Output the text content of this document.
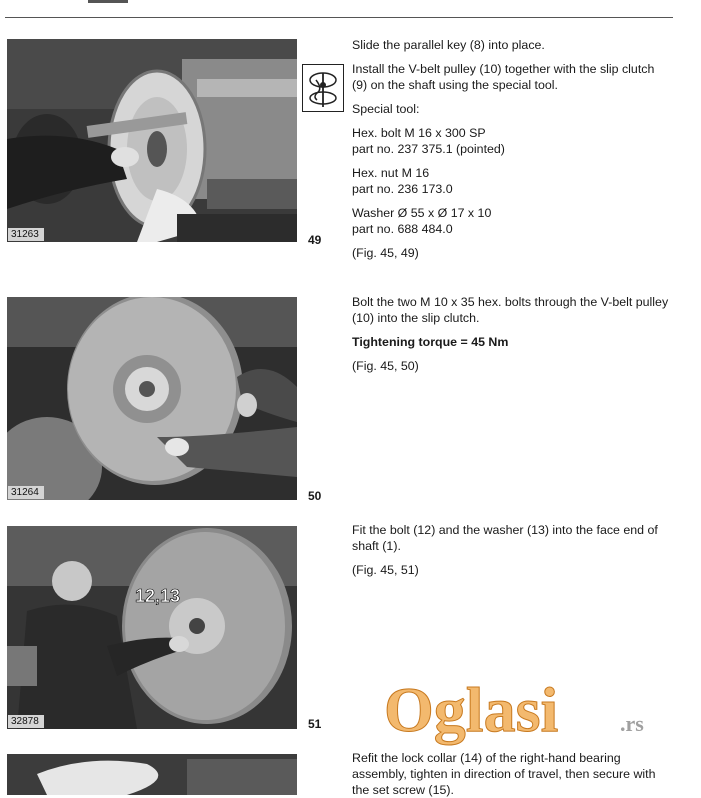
31263	49

Slide the parallel key (8) into place.

Install the V-belt pulley (10) together with the slip clutch (9) on the shaft using the special tool.

Special tool:

Hex. bolt M 16 x 300 SP
part no. 237 375.1 (pointed)

Hex. nut M 16
part no. 236 173.0

Washer Ø 55 x Ø 17 x 10
part no. 688 484.0

(Fig. 45, 49)

31264	50

Bolt the two M 10 x 35 hex. bolts through the V-belt pulley (10) into the slip clutch.

Tightening torque = 45 Nm

(Fig. 45, 50)

12,13
32878	51

Fit the bolt (12) and the washer (13) into the face end of shaft (1).

(Fig. 45, 51)

Refit the lock collar (14) of the right-hand bearing assembly, tighten in direction of travel, then secure with the set screw (15).

Oglasi	.rs
